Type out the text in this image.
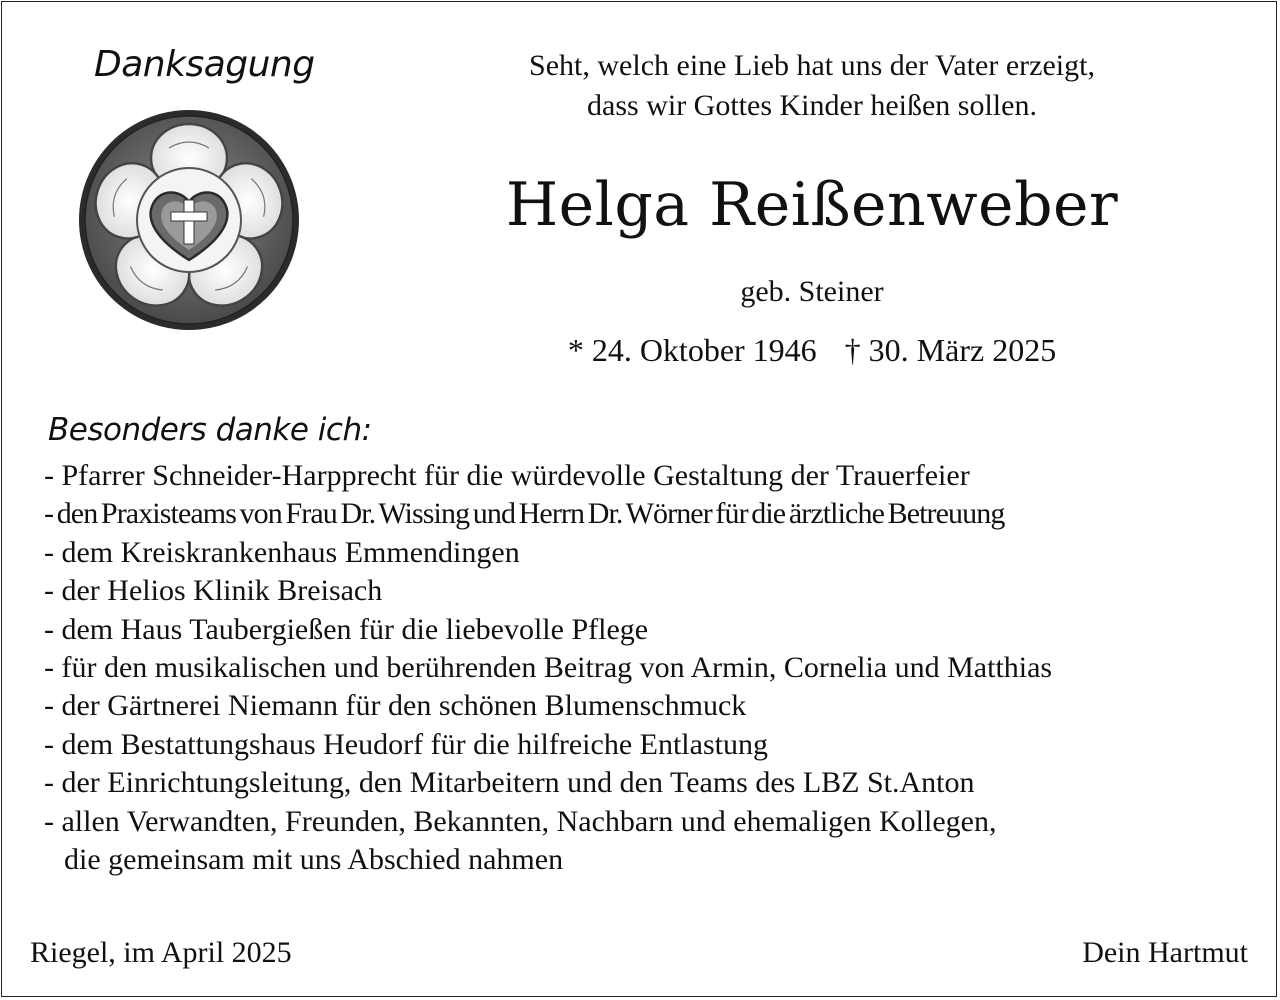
Danksagung	Seht, welch eine Lieb hat uns der Vater erzeigt,
dass wir Gottes Kinder heißen sollen.
Helga Reißenweber
geb. Steiner
* 24. Oktober 1946 † 30. März 2025
Besonders danke ich:
- Pfarrer Schneider-Harpprecht für die würdevolle Gestaltung der Trauerfeier
- den Praxisteams von Frau Dr. Wissing und Herrn Dr. Wörner für die ärztliche Betreuung
- dem Kreiskrankenhaus Emmendingen
- der Helios Klinik Breisach
- dem Haus Taubergießen für die liebevolle Pflege
- für den musikalischen und berührenden Beitrag von Armin, Cornelia und Matthias
- der Gärtnerei Niemann für den schönen Blumenschmuck
- dem Bestattungshaus Heudorf für die hilfreiche Entlastung
- der Einrichtungsleitung, den Mitarbeitern und den Teams des LBZ St.Anton
- allen Verwandten, Freunden, Bekannten, Nachbarn und ehemaligen Kollegen,
die gemeinsam mit uns Abschied nahmen
Riegel, im April 2025	Dein Hartmut
